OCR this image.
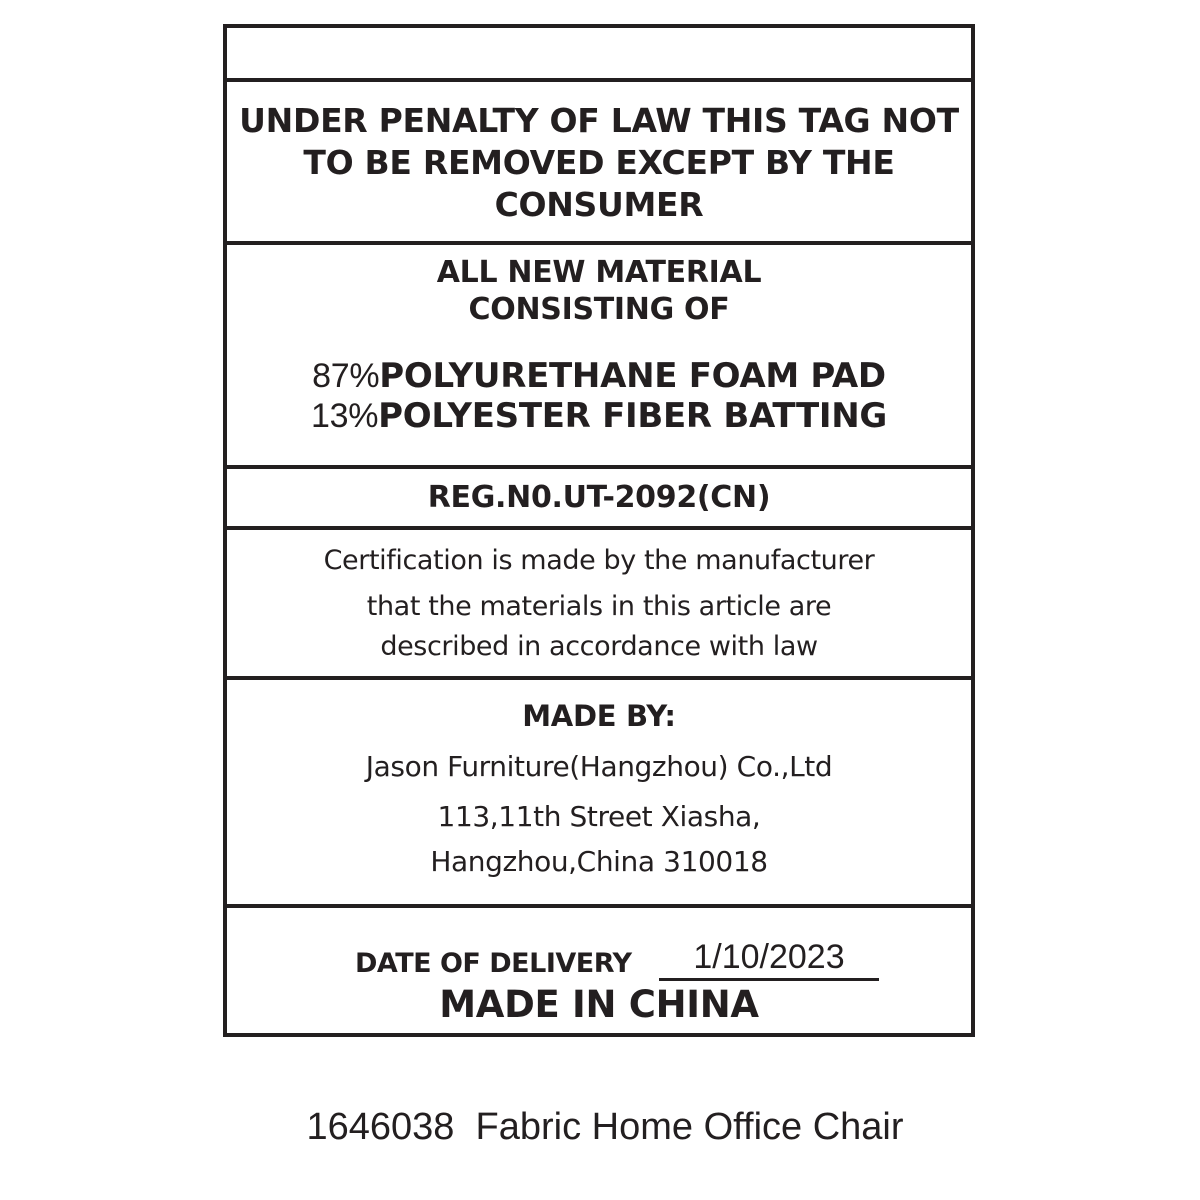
UNDER PENALTY OF LAW THIS TAG NOT
TO BE REMOVED EXCEPT BY THE
CONSUMER
ALL NEW MATERIAL
CONSISTING OF
87%POLYURETHANE FOAM PAD
13%POLYESTER FIBER BATTING
REG.N0.UT-2092(CN)
Certification is made by the manufacturer
that the materials in this article are
described in accordance with law
MADE BY:
Jason Furniture(Hangzhou) Co.,Ltd
113,11th Street Xiasha,
Hangzhou,China 310018
DATE OF DELIVERY	1/10/2023
MADE IN CHINA
1646038  Fabric Home Office Chair
